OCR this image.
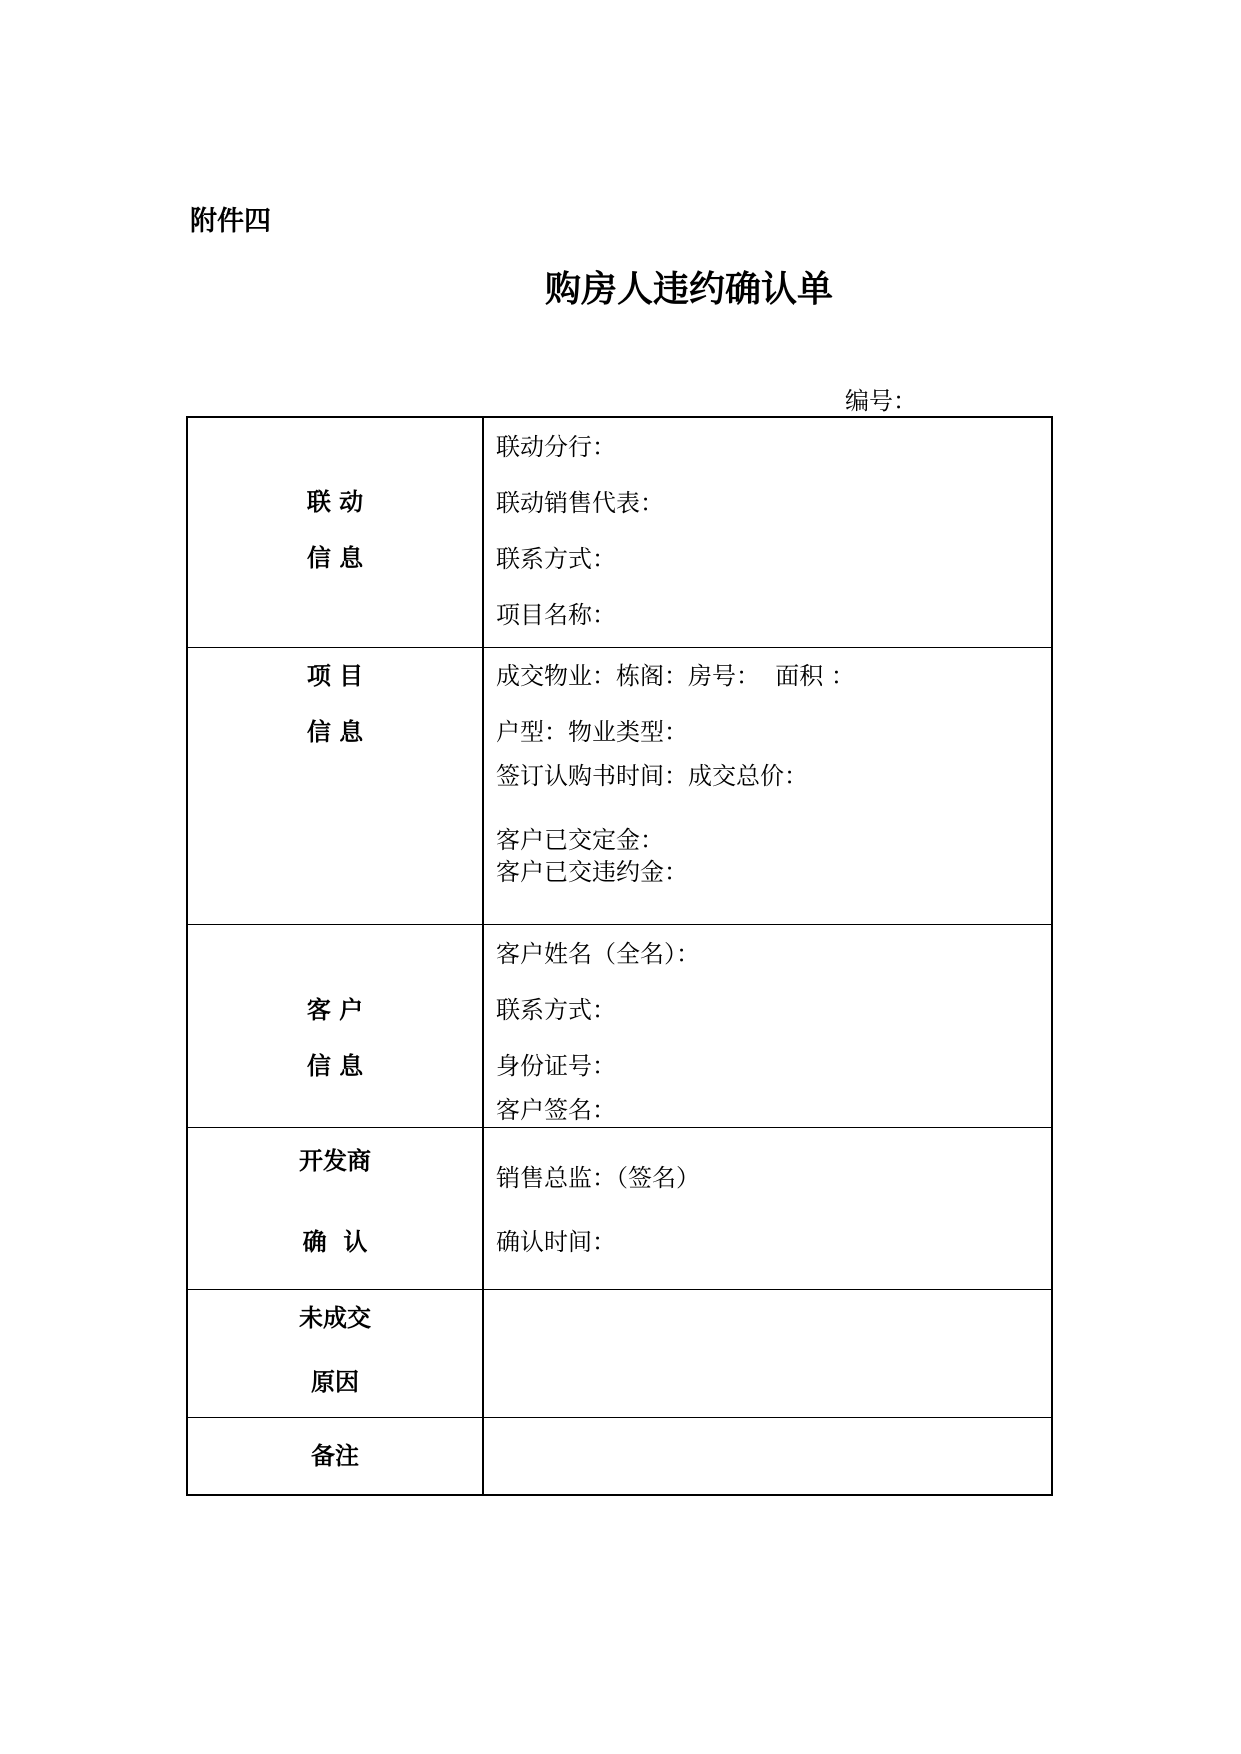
附件四
购房人违约确认单
编号：
联 动
信 息
联动分行：
联动销售代表：
联系方式：
项目名称：
项 目
信 息
成交物业：栋阁：房号：  面积 ：
户型：物业类型：
签订认购书时间：成交总价：
客户已交定金：
客户已交违约金：
客 户
信 息
客户姓名（全名）：
联系方式：
身份证号：
客户签名：
开发商
确  认
销售总监：（签名）
确认时间：
未成交
原因
备注
